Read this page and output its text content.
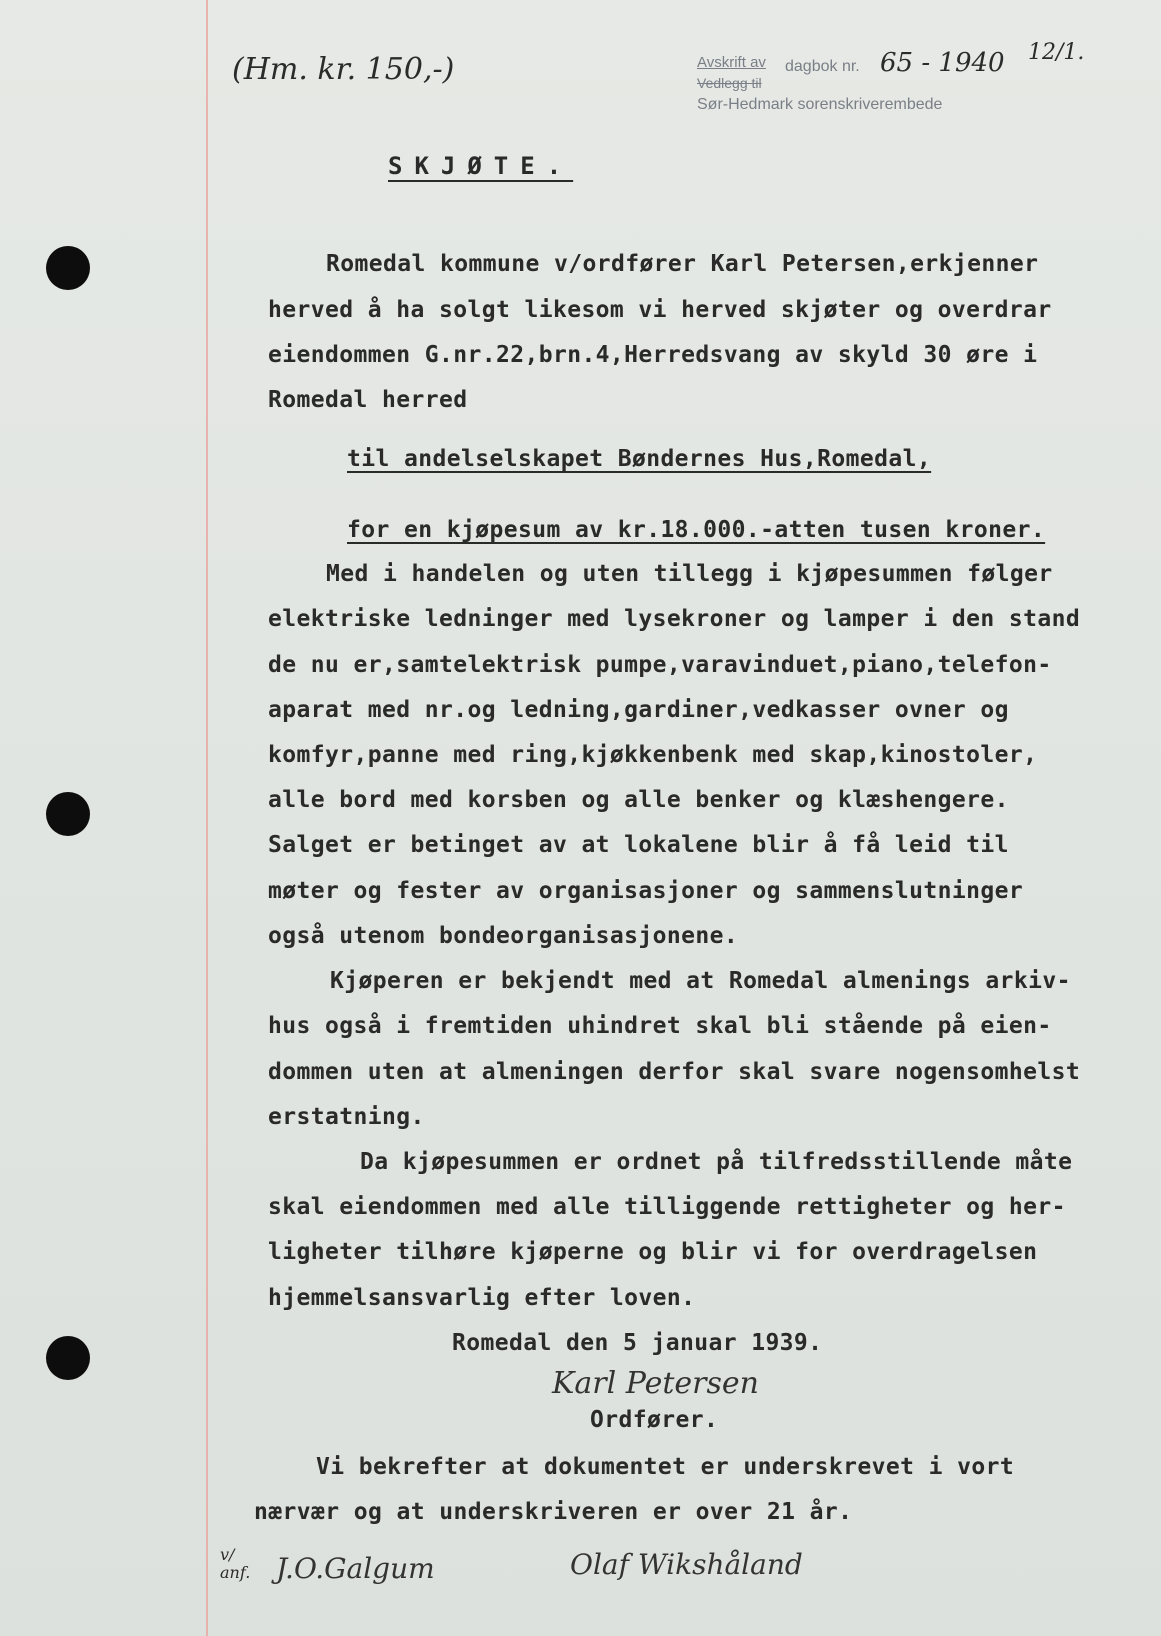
(Hm. kr. 150,-)	Avskrift av dagbok nr. 65 - 1940 12/1.
Vedlegg til
Sør-Hedmark sorenskriverembede
SKJØTE.
Romedal kommune v/ordfører Karl Petersen,erkjenner
herved å ha solgt likesom vi herved skjøter og overdrar
eiendommen G.nr.22,brn.4,Herredsvang av skyld 30 øre i
Romedal herred
til andelselskapet Bøndernes Hus,Romedal,
for en kjøpesum av kr.18.000.-atten tusen kroner.
Med i handelen og uten tillegg i kjøpesummen følger
elektriske ledninger med lysekroner og lamper i den stand
de nu er,samtelektrisk pumpe,varavinduet,piano,telefon-
aparat med nr.og ledning,gardiner,vedkasser ovner og
komfyr,panne med ring,kjøkkenbenk med skap,kinostoler,
alle bord med korsben og alle benker og klæshengere.
Salget er betinget av at lokalene blir å få leid til
møter og fester av organisasjoner og sammenslutninger
også utenom bondeorganisasjonene.
Kjøperen er bekjendt med at Romedal almenings arkiv-
hus også i fremtiden uhindret skal bli stående på eien-
dommen uten at almeningen derfor skal svare nogensomhelst
erstatning.
Da kjøpesummen er ordnet på tilfredsstillende måte
skal eiendommen med alle tilliggende rettigheter og her-
ligheter tilhøre kjøperne og blir vi for overdragelsen
hjemmelsansvarlig efter loven.
Romedal den 5 januar 1939.
Karl Petersen
Ordfører.
Vi bekrefter at dokumentet er underskrevet i vort
nærvær og at underskriveren er over 21 år.
v/ anf. J.O.Galgum	Olaf Wikshåland
